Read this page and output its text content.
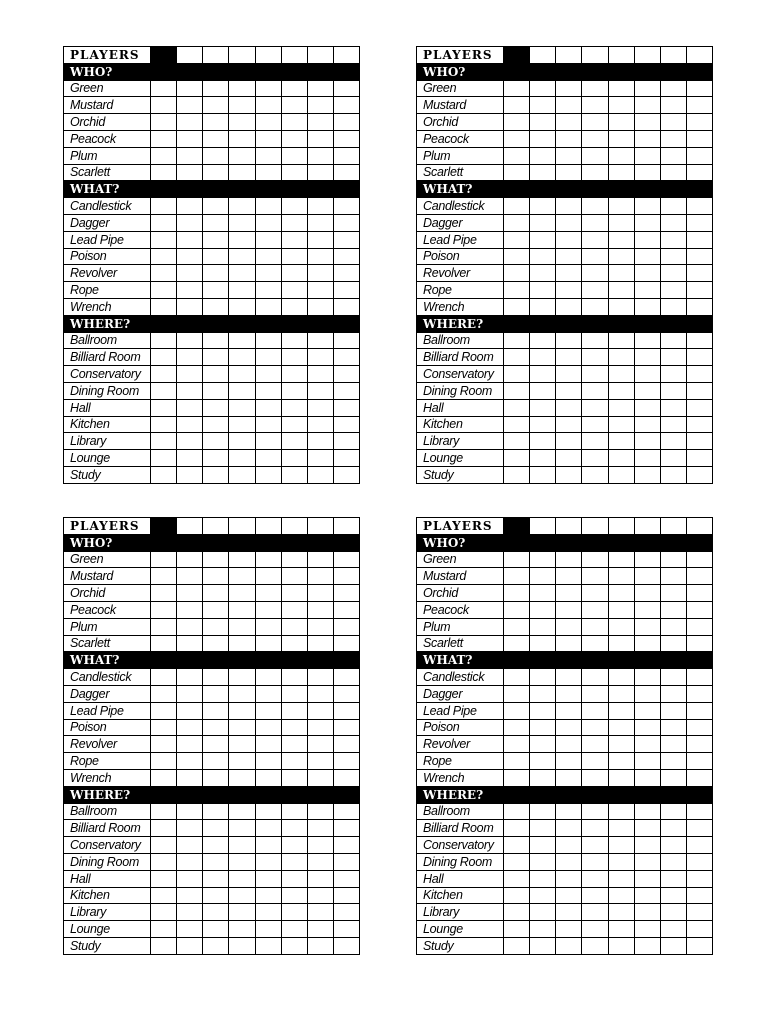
PLAYERS								
WHO?								
Green								
Mustard								
Orchid								
Peacock								
Plum								
Scarlett								
WHAT?								
Candlestick								
Dagger								
Lead Pipe								
Poison								
Revolver								
Rope								
Wrench								
WHERE?								
Ballroom								
Billiard Room								
Conservatory								
Dining Room								
Hall								
Kitchen								
Library								
Lounge								
Study								
PLAYERS								
WHO?								
Green								
Mustard								
Orchid								
Peacock								
Plum								
Scarlett								
WHAT?								
Candlestick								
Dagger								
Lead Pipe								
Poison								
Revolver								
Rope								
Wrench								
WHERE?								
Ballroom								
Billiard Room								
Conservatory								
Dining Room								
Hall								
Kitchen								
Library								
Lounge								
Study								
PLAYERS								
WHO?								
Green								
Mustard								
Orchid								
Peacock								
Plum								
Scarlett								
WHAT?								
Candlestick								
Dagger								
Lead Pipe								
Poison								
Revolver								
Rope								
Wrench								
WHERE?								
Ballroom								
Billiard Room								
Conservatory								
Dining Room								
Hall								
Kitchen								
Library								
Lounge								
Study								
PLAYERS								
WHO?								
Green								
Mustard								
Orchid								
Peacock								
Plum								
Scarlett								
WHAT?								
Candlestick								
Dagger								
Lead Pipe								
Poison								
Revolver								
Rope								
Wrench								
WHERE?								
Ballroom								
Billiard Room								
Conservatory								
Dining Room								
Hall								
Kitchen								
Library								
Lounge								
Study								
